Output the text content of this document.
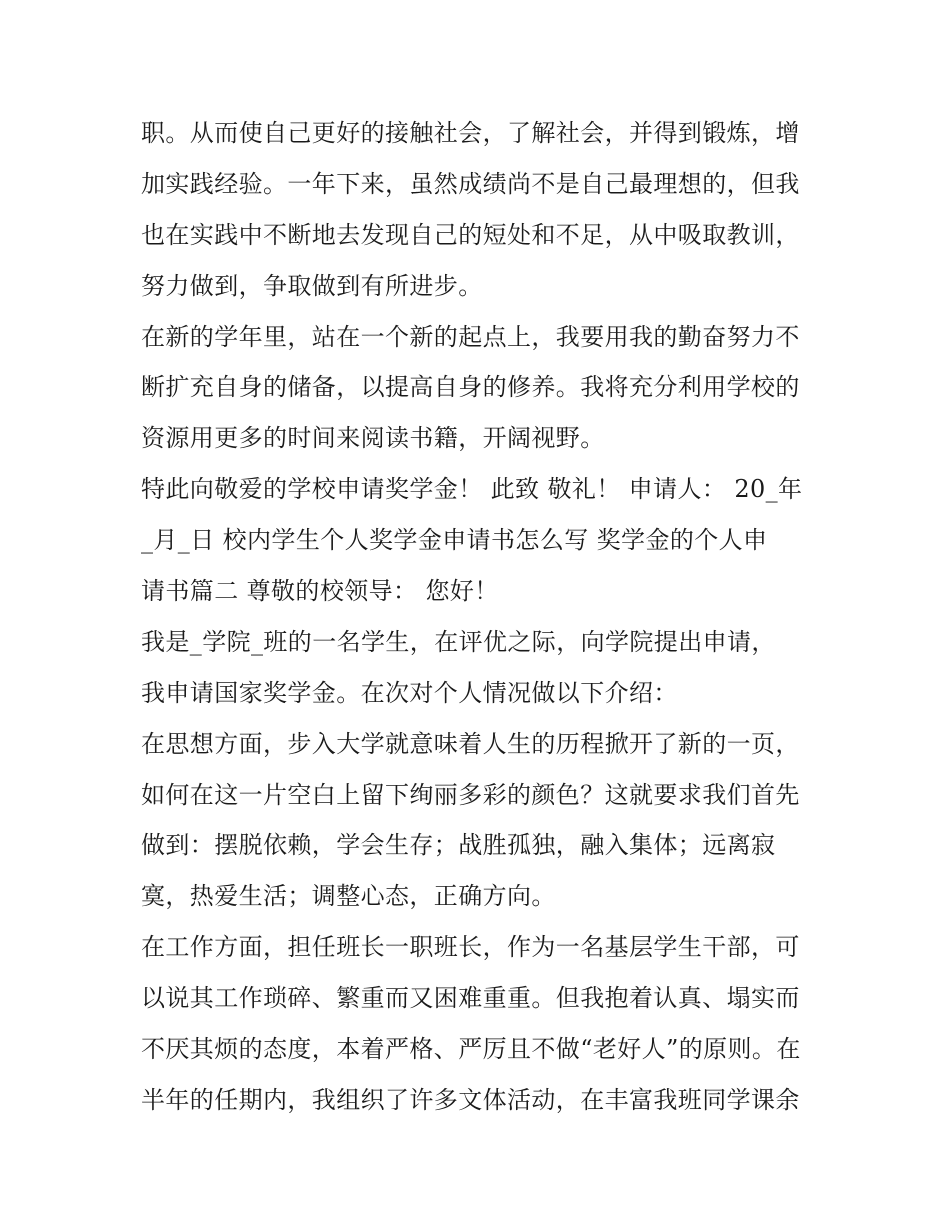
职。从而使自己更好的接触社会，了解社会，并得到锻炼，增
加实践经验。一年下来，虽然成绩尚不是自己最理想的，但我
也在实践中不断地去发现自己的短处和不足，从中吸取教训，
努力做到，争取做到有所进步。
在新的学年里，站在一个新的起点上，我要用我的勤奋努力不
断扩充自身的储备，以提高自身的修养。我将充分利用学校的
资源用更多的时间来阅读书籍，开阔视野。
特此向敬爱的学校申请奖学金！ 此致 敬礼！ 申请人： 20_年
_月_日 校内学生个人奖学金申请书怎么写 奖学金的个人申
请书篇二 尊敬的校领导： 您好！
我是_学院_班的一名学生，在评优之际，向学院提出申请，
我申请国家奖学金。在次对个人情况做以下介绍：
在思想方面，步入大学就意味着人生的历程掀开了新的一页，
如何在这一片空白上留下绚丽多彩的颜色？这就要求我们首先
做到：摆脱依赖，学会生存；战胜孤独，融入集体；远离寂
寞，热爱生活；调整心态，正确方向。
在工作方面，担任班长一职班长，作为一名基层学生干部，可
以说其工作琐碎、繁重而又困难重重。但我抱着认真、塌实而
不厌其烦的态度，本着严格、严厉且不做“老好人”的原则。在
半年的任期内，我组织了许多文体活动，在丰富我班同学课余
